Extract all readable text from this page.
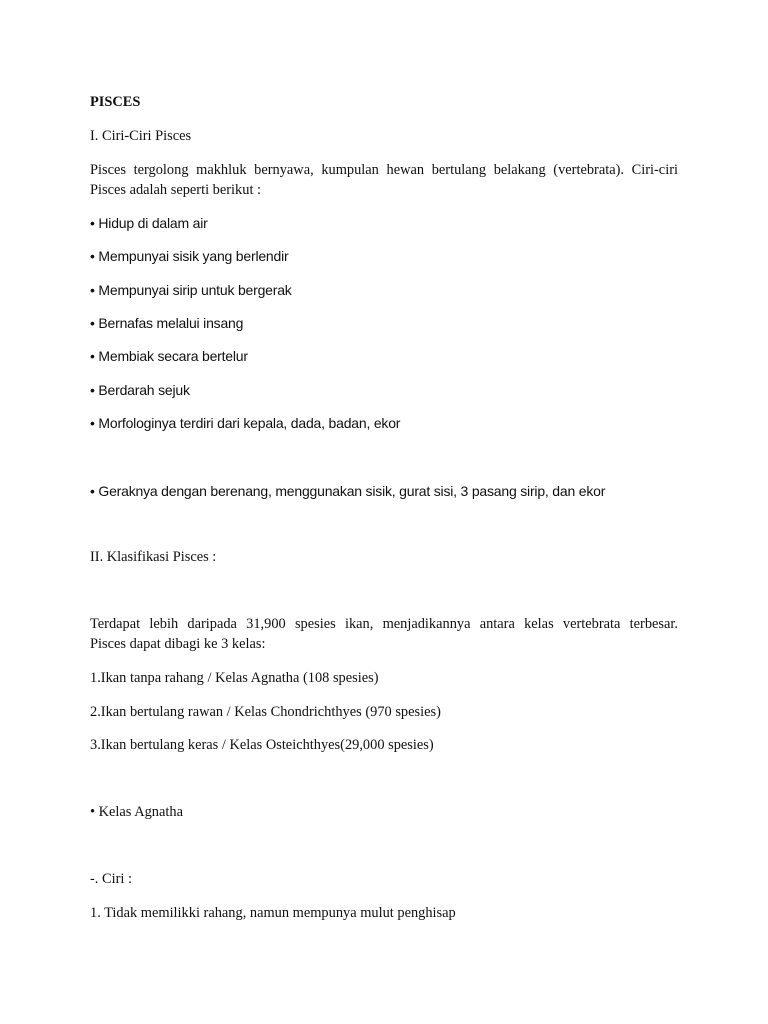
PISCES
I. Ciri-Ciri Pisces
Pisces tergolong makhluk bernyawa, kumpulan hewan bertulang belakang (vertebrata). Ciri-ciri
Pisces adalah seperti berikut :
• Hidup di dalam air
• Mempunyai sisik yang berlendir
• Mempunyai sirip untuk bergerak
• Bernafas melalui insang
• Membiak secara bertelur
• Berdarah sejuk
• Morfologinya terdiri dari kepala, dada, badan, ekor
• Geraknya dengan berenang, menggunakan sisik, gurat sisi, 3 pasang sirip, dan ekor
II. Klasifikasi Pisces :
Terdapat lebih daripada 31,900 spesies ikan, menjadikannya antara kelas vertebrata terbesar.
Pisces dapat dibagi ke 3 kelas:
1.Ikan tanpa rahang / Kelas Agnatha (108 spesies)
2.Ikan bertulang rawan / Kelas Chondrichthyes (970 spesies)
3.Ikan bertulang keras / Kelas Osteichthyes(29,000 spesies)
• Kelas Agnatha
-. Ciri :
1. Tidak memilikki rahang, namun mempunya mulut penghisap
